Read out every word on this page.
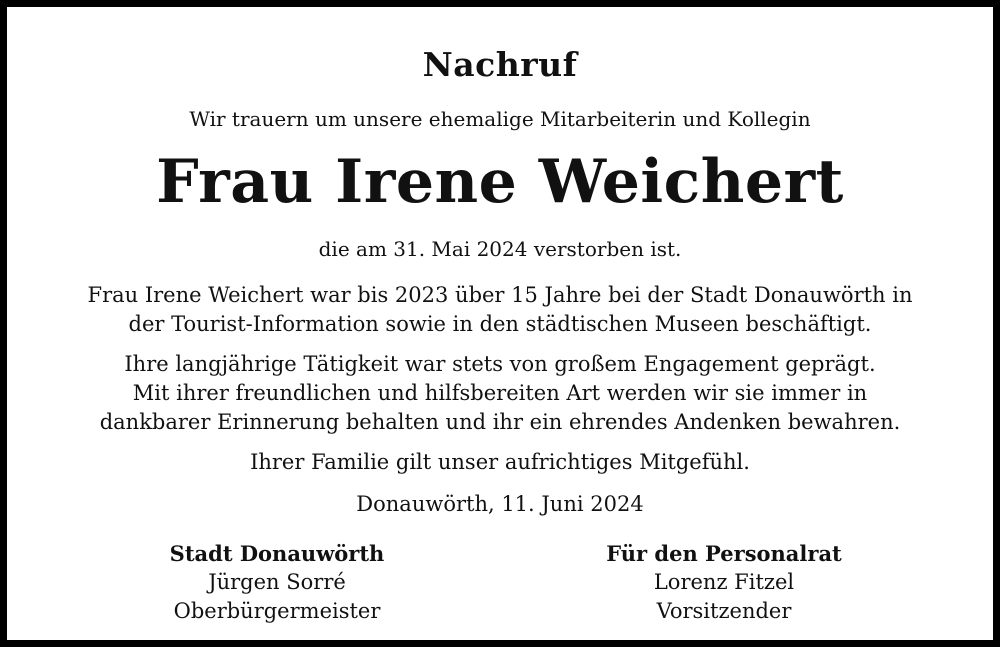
Nachruf
Wir trauern um unsere ehemalige Mitarbeiterin und Kollegin
Frau Irene Weichert
die am 31. Mai 2024 verstorben ist.
Frau Irene Weichert war bis 2023 über 15 Jahre bei der Stadt Donauwörth in
der Tourist-Information sowie in den städtischen Museen beschäftigt.
Ihre langjährige Tätigkeit war stets von großem Engagement geprägt.
Mit ihrer freundlichen und hilfsbereiten Art werden wir sie immer in
dankbarer Erinnerung behalten und ihr ein ehrendes Andenken bewahren.
Ihrer Familie gilt unser aufrichtiges Mitgefühl.
Donauwörth, 11. Juni 2024
Stadt Donauwörth
Jürgen Sorré
Oberbürgermeister
Für den Personalrat
Lorenz Fitzel
Vorsitzender
